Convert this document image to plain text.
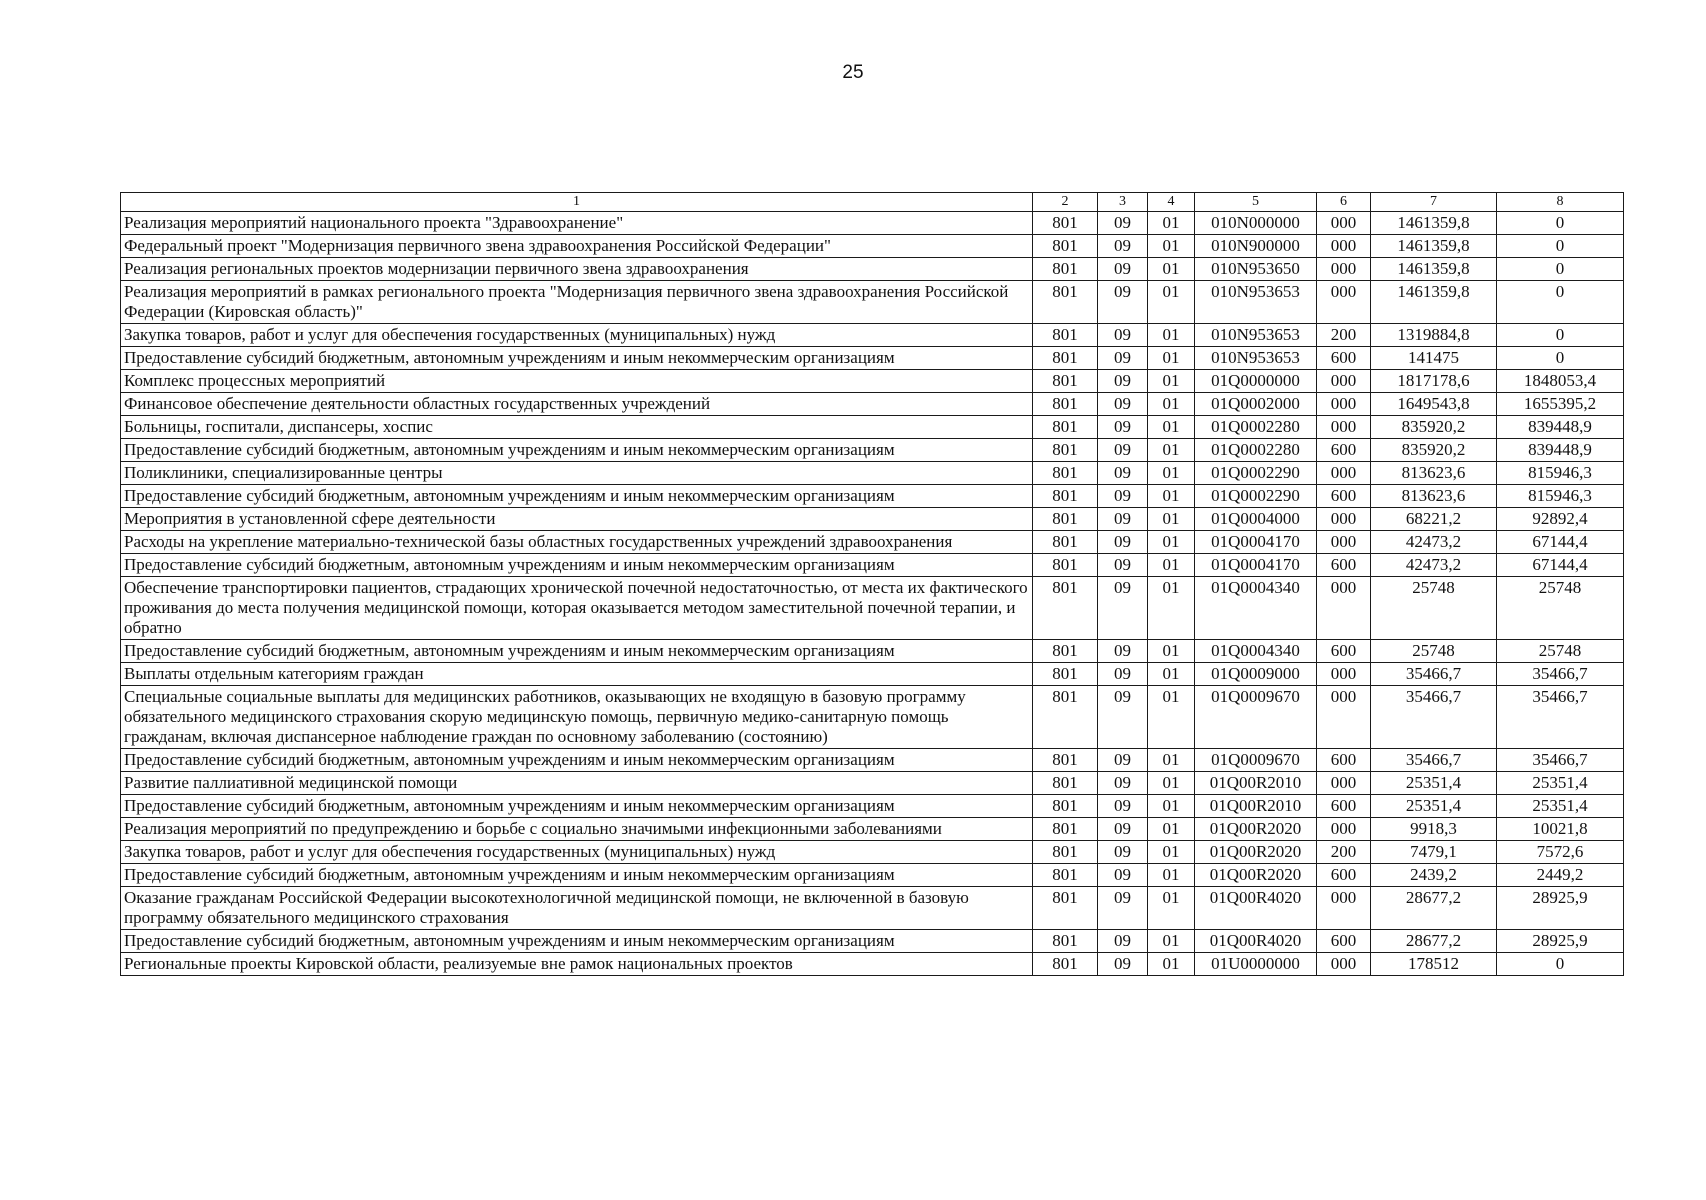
25
1	2	3	4	5	6	7	8
Реализация мероприятий национального проекта "Здравоохранение"	801	09	01	010N000000	000	1461359,8	0
Федеральный проект "Модернизация первичного звена здравоохранения Российской Федерации"	801	09	01	010N900000	000	1461359,8	0
Реализация региональных проектов модернизации первичного звена здравоохранения	801	09	01	010N953650	000	1461359,8	0
Реализация мероприятий в рамках регионального проекта "Модернизация первичного звена здравоохранения Российской Федерации (Кировская область)"	801	09	01	010N953653	000	1461359,8	0
Закупка товаров, работ и услуг для обеспечения государственных (муниципальных) нужд	801	09	01	010N953653	200	1319884,8	0
Предоставление субсидий бюджетным, автономным учреждениям и иным некоммерческим организациям	801	09	01	010N953653	600	141475	0
Комплекс процессных мероприятий	801	09	01	01Q0000000	000	1817178,6	1848053,4
Финансовое обеспечение деятельности областных государственных учреждений	801	09	01	01Q0002000	000	1649543,8	1655395,2
Больницы, госпитали, диспансеры, хоспис	801	09	01	01Q0002280	000	835920,2	839448,9
Предоставление субсидий бюджетным, автономным учреждениям и иным некоммерческим организациям	801	09	01	01Q0002280	600	835920,2	839448,9
Поликлиники, специализированные центры	801	09	01	01Q0002290	000	813623,6	815946,3
Предоставление субсидий бюджетным, автономным учреждениям и иным некоммерческим организациям	801	09	01	01Q0002290	600	813623,6	815946,3
Мероприятия в установленной сфере деятельности	801	09	01	01Q0004000	000	68221,2	92892,4
Расходы на укрепление материально-технической базы областных государственных учреждений здравоохранения	801	09	01	01Q0004170	000	42473,2	67144,4
Предоставление субсидий бюджетным, автономным учреждениям и иным некоммерческим организациям	801	09	01	01Q0004170	600	42473,2	67144,4
Обеспечение транспортировки пациентов, страдающих хронической почечной недостаточностью, от места их фактического проживания до места получения медицинской помощи, которая оказывается методом заместительной почечной терапии, и обратно	801	09	01	01Q0004340	000	25748	25748
Предоставление субсидий бюджетным, автономным учреждениям и иным некоммерческим организациям	801	09	01	01Q0004340	600	25748	25748
Выплаты отдельным категориям граждан	801	09	01	01Q0009000	000	35466,7	35466,7
Специальные социальные выплаты для медицинских работников, оказывающих не входящую в базовую программу обязательного медицинского страхования скорую медицинскую помощь, первичную медико-санитарную помощь гражданам, включая диспансерное наблюдение граждан по основному заболеванию (состоянию)	801	09	01	01Q0009670	000	35466,7	35466,7
Предоставление субсидий бюджетным, автономным учреждениям и иным некоммерческим организациям	801	09	01	01Q0009670	600	35466,7	35466,7
Развитие паллиативной медицинской помощи	801	09	01	01Q00R2010	000	25351,4	25351,4
Предоставление субсидий бюджетным, автономным учреждениям и иным некоммерческим организациям	801	09	01	01Q00R2010	600	25351,4	25351,4
Реализация мероприятий по предупреждению и борьбе с социально значимыми инфекционными заболеваниями	801	09	01	01Q00R2020	000	9918,3	10021,8
Закупка товаров, работ и услуг для обеспечения государственных (муниципальных) нужд	801	09	01	01Q00R2020	200	7479,1	7572,6
Предоставление субсидий бюджетным, автономным учреждениям и иным некоммерческим организациям	801	09	01	01Q00R2020	600	2439,2	2449,2
Оказание гражданам Российской Федерации высокотехнологичной медицинской помощи, не включенной в базовую программу обязательного медицинского страхования	801	09	01	01Q00R4020	000	28677,2	28925,9
Предоставление субсидий бюджетным, автономным учреждениям и иным некоммерческим организациям	801	09	01	01Q00R4020	600	28677,2	28925,9
Региональные проекты Кировской области, реализуемые вне рамок национальных проектов	801	09	01	01U0000000	000	178512	0
